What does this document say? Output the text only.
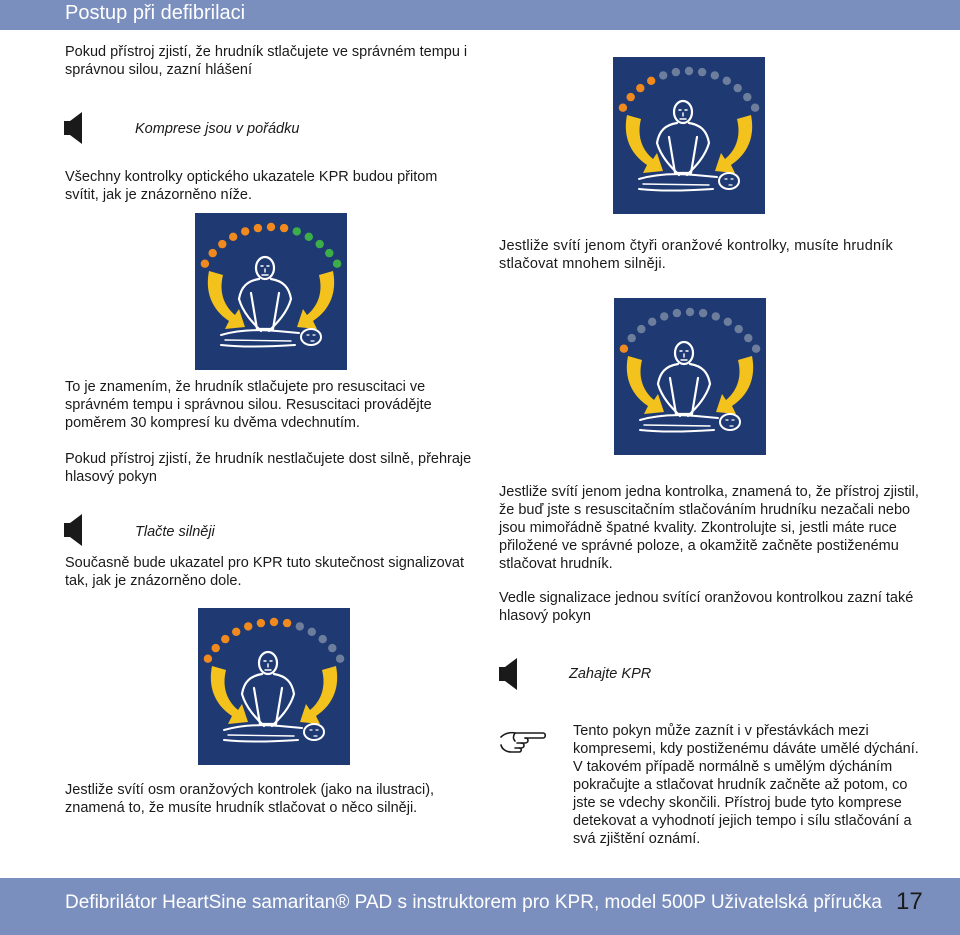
Postup při defibrilaci

Pokud přístroj zjistí, že hrudník stlačujete ve správném tempu i správnou silou, zazní hlášení

Komprese jsou v pořádku

Všechny kontrolky optického ukazatele KPR budou přitom svítit, jak je znázorněno níže.

To je znamením, že hrudník stlačujete pro resuscitaci ve správném tempu i správnou silou. Resuscitaci provádějte poměrem 30 kompresí ku dvěma vdechnutím.

Pokud přístroj zjistí, že hrudník nestlačujete dost silně, přehraje hlasový pokyn

Tlačte silněji

Současně bude ukazatel pro KPR tuto skutečnost signalizovat tak, jak je znázorněno dole.

Jestliže svítí osm oranžových kontrolek (jako na ilustraci), znamená to, že musíte hrudník stlačovat o něco silněji.

Jestliže svítí jenom čtyři oranžové kontrolky, musíte hrudník stlačovat mnohem silněji.

Jestliže svítí jenom jedna kontrolka, znamená to, že přístroj zjistil, že buď jste s resuscitačním stlačováním hrudníku nezačali nebo jsou mimořádně špatné kvality. Zkontrolujte si, jestli máte ruce přiložené ve správné poloze, a okamžitě začněte postiženému stlačovat hrudník.

Vedle signalizace jednou svítící oranžovou kontrolkou zazní také hlasový pokyn

Zahajte KPR

Tento pokyn může zaznít i v přestávkách mezi kompresemi, kdy postiženému dáváte umělé dýchání. V takovém případě normálně s umělým dýcháním pokračujte a stlačovat hrudník začněte až potom, co jste se vdechy skončili. Přístroj bude tyto komprese detekovat a vyhodnotí jejich tempo i sílu stlačování a svá zjištění oznámí.

Defibrilátor HeartSine samaritan® PAD s instruktorem pro KPR, model 500P Uživatelská příručka 17
